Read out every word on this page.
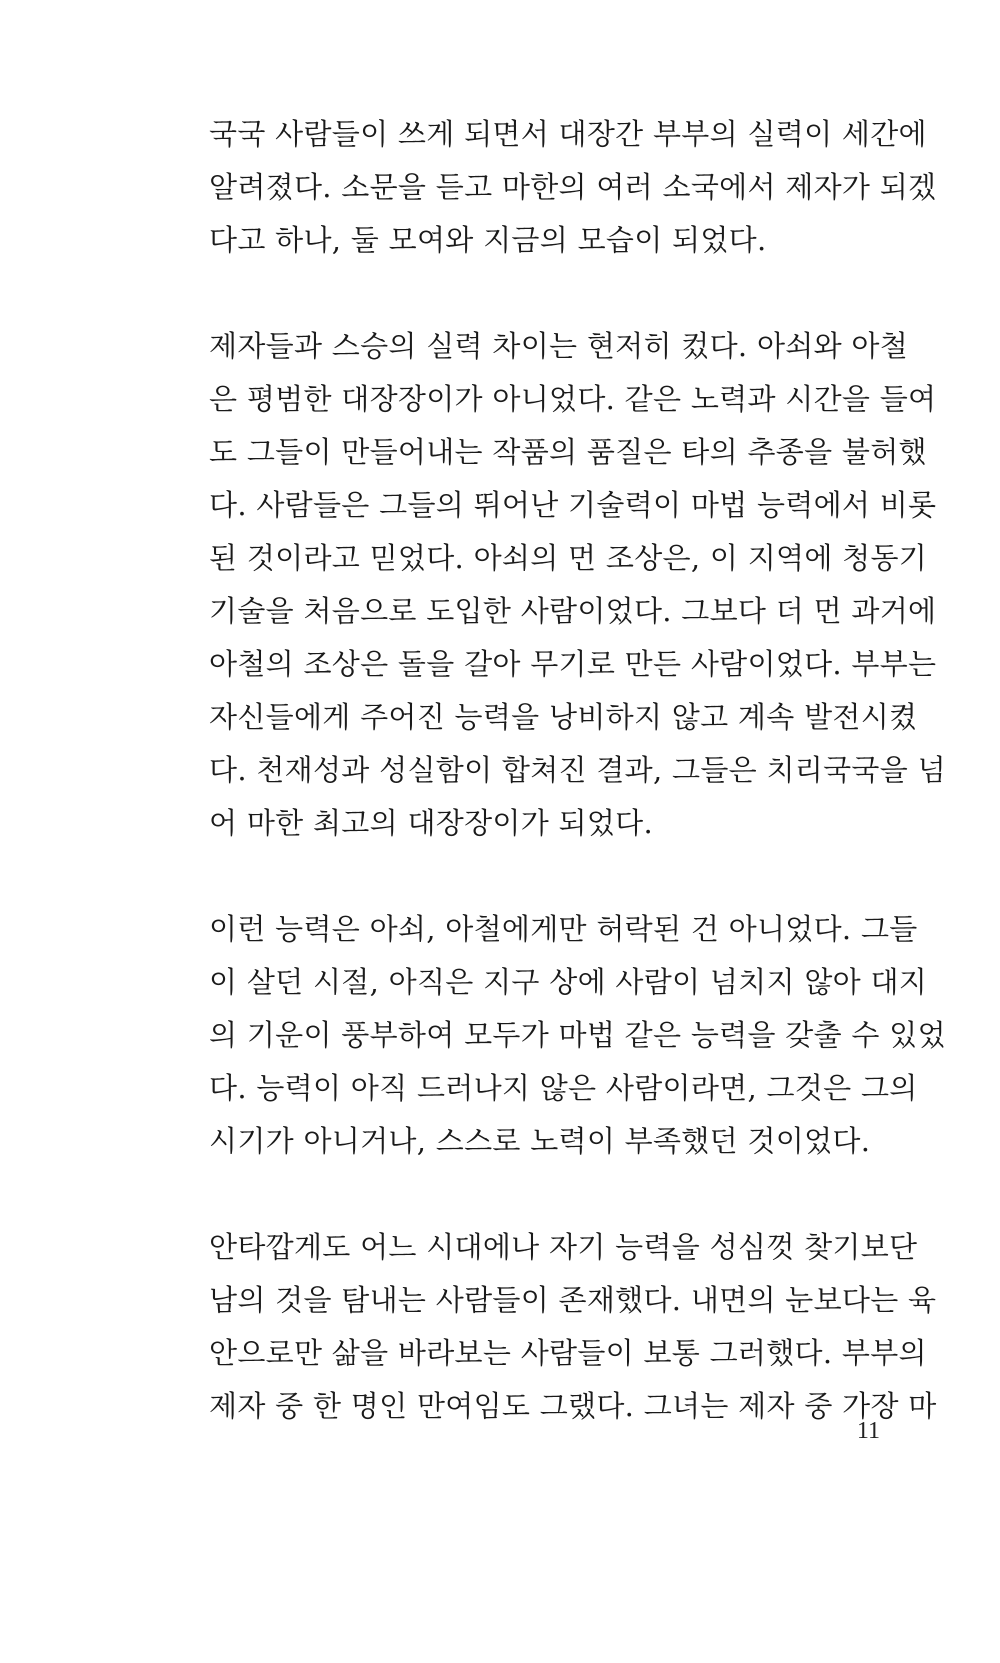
국국 사람들이 쓰게 되면서 대장간 부부의 실력이 세간에
알려졌다. 소문을 듣고 마한의 여러 소국에서 제자가 되겠
다고 하나, 둘 모여와 지금의 모습이 되었다.

제자들과 스승의 실력 차이는 현저히 컸다. 아쇠와 아철
은 평범한 대장장이가 아니었다. 같은 노력과 시간을 들여
도 그들이 만들어내는 작품의 품질은 타의 추종을 불허했
다. 사람들은 그들의 뛰어난 기술력이 마법 능력에서 비롯
된 것이라고 믿었다. 아쇠의 먼 조상은, 이 지역에 청동기
기술을 처음으로 도입한 사람이었다. 그보다 더 먼 과거에
아철의 조상은 돌을 갈아 무기로 만든 사람이었다. 부부는
자신들에게 주어진 능력을 낭비하지 않고 계속 발전시켰
다. 천재성과 성실함이 합쳐진 결과, 그들은 치리국국을 넘
어 마한 최고의 대장장이가 되었다.

이런 능력은 아쇠, 아철에게만 허락된 건 아니었다. 그들
이 살던 시절, 아직은 지구 상에 사람이 넘치지 않아 대지
의 기운이 풍부하여 모두가 마법 같은 능력을 갖출 수 있었
다. 능력이 아직 드러나지 않은 사람이라면, 그것은 그의
시기가 아니거나, 스스로 노력이 부족했던 것이었다.

안타깝게도 어느 시대에나 자기 능력을 성심껏 찾기보단
남의 것을 탐내는 사람들이 존재했다. 내면의 눈보다는 육
안으로만 삶을 바라보는 사람들이 보통 그러했다. 부부의
제자 중 한 명인 만여임도 그랬다. 그녀는 제자 중 가장 마

11
